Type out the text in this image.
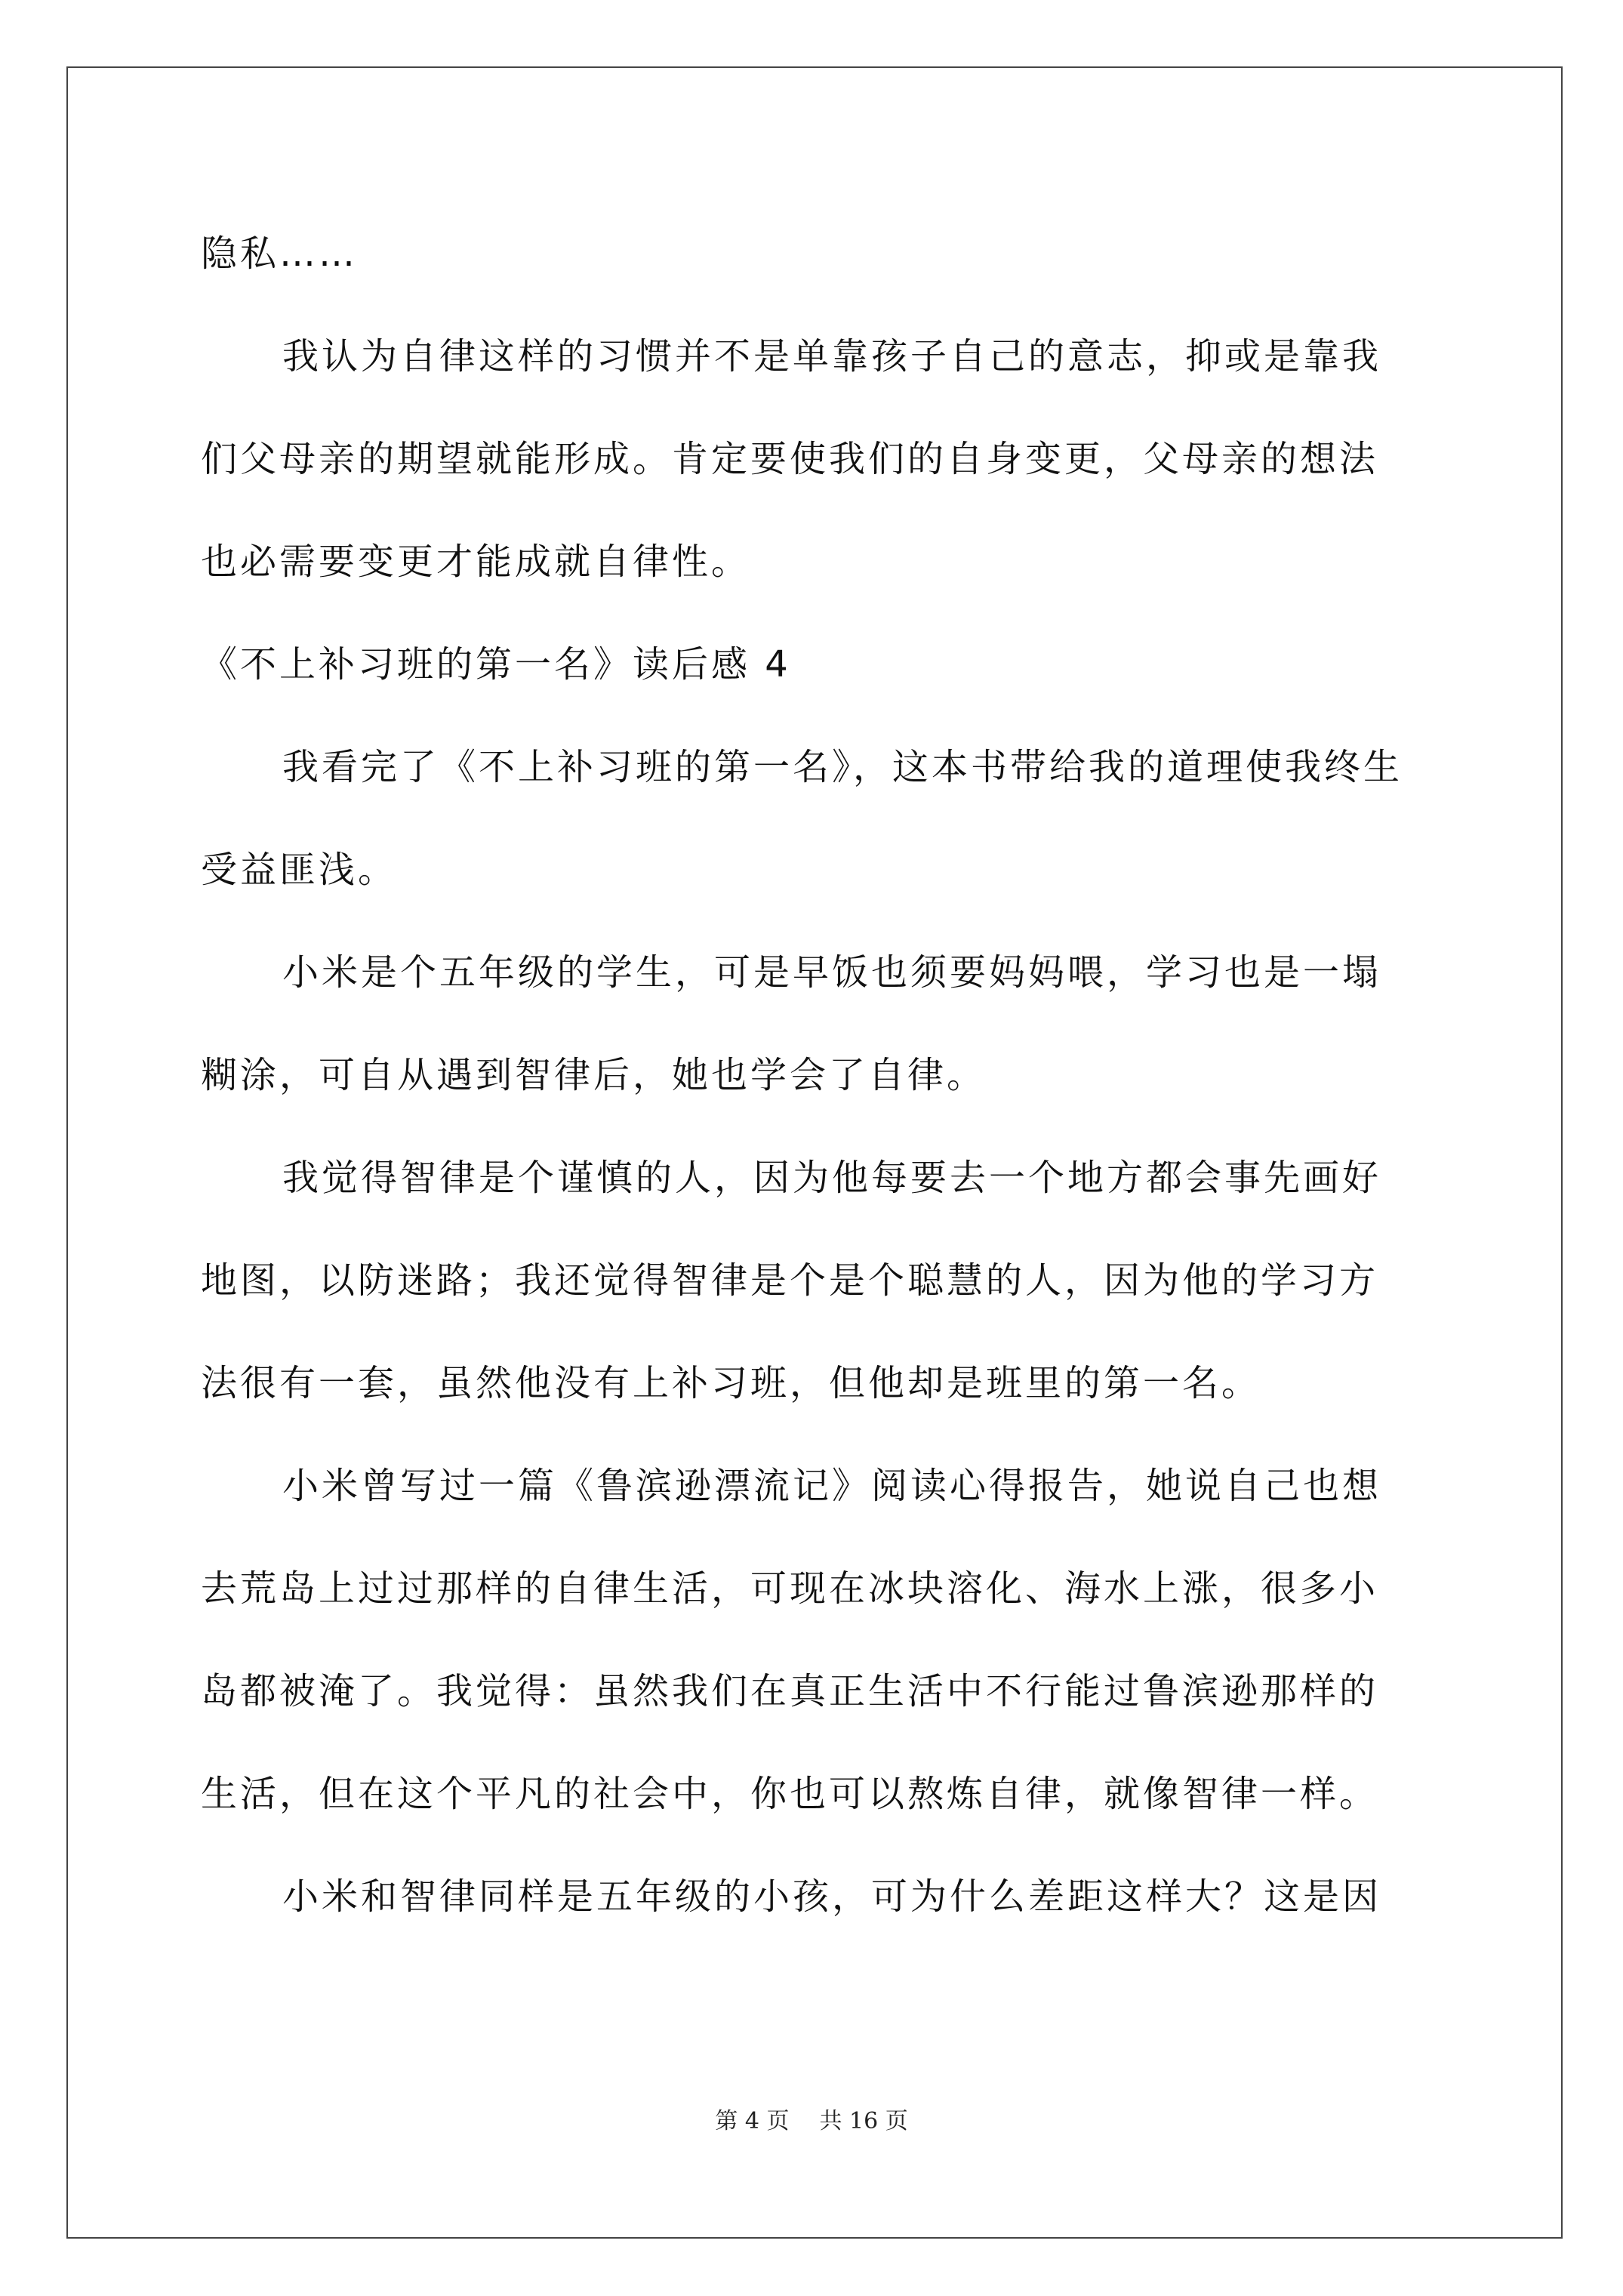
隐私……
我认为自律这样的习惯并不是单靠孩子自己的意志，抑或是靠我
们父母亲的期望就能形成。肯定要使我们的自身变更，父母亲的想法
也必需要变更才能成就自律性。
《不上补习班的第一名》读后感 4
我看完了《不上补习班的第一名》，这本书带给我的道理使我终生
受益匪浅。
小米是个五年级的学生，可是早饭也须要妈妈喂，学习也是一塌
糊涂，可自从遇到智律后，她也学会了自律。
我觉得智律是个谨慎的人，因为他每要去一个地方都会事先画好
地图，以防迷路；我还觉得智律是个是个聪慧的人，因为他的学习方
法很有一套，虽然他没有上补习班，但他却是班里的第一名。
小米曾写过一篇《鲁滨逊漂流记》阅读心得报告，她说自己也想
去荒岛上过过那样的自律生活，可现在冰块溶化、海水上涨，很多小
岛都被淹了。我觉得：虽然我们在真正生活中不行能过鲁滨逊那样的
生活，但在这个平凡的社会中，你也可以熬炼自律，就像智律一样。
小米和智律同样是五年级的小孩，可为什么差距这样大？这是因
第 4 页 共 16 页
